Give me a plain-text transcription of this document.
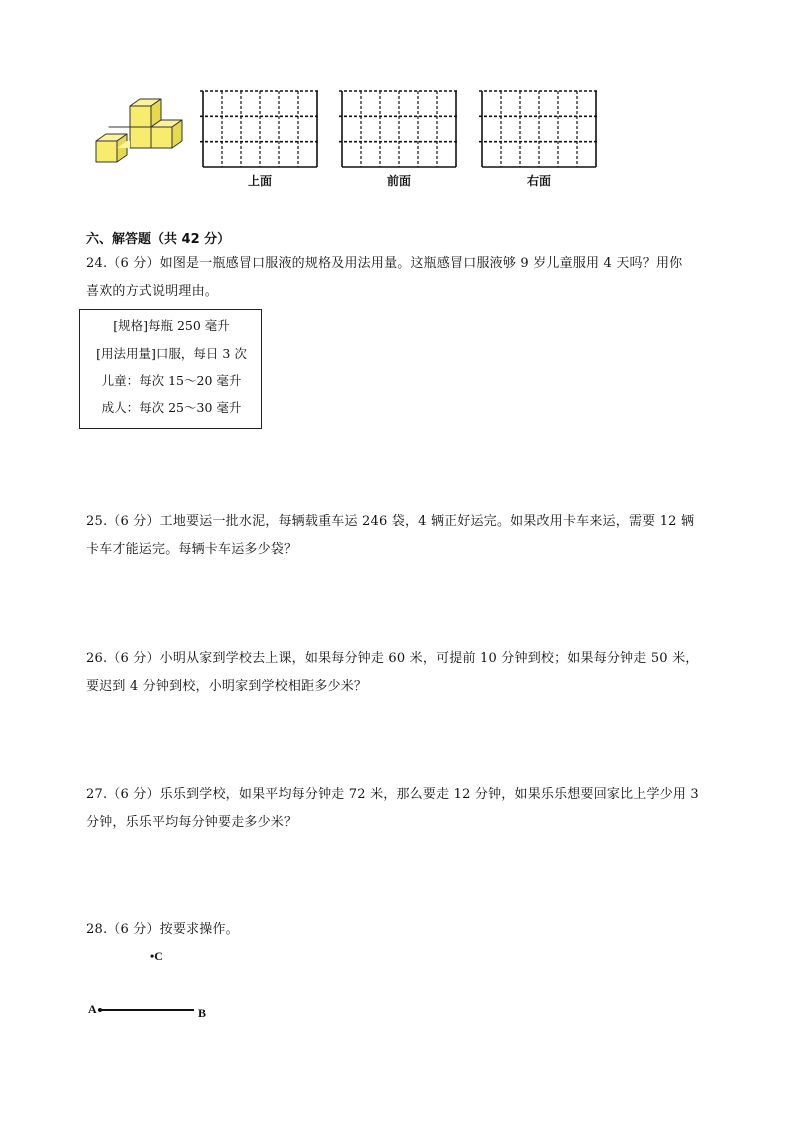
上面	前面	右面
六、解答题（共 42 分）
24.（6 分）如图是一瓶感冒口服液的规格及用法用量。这瓶感冒口服液够 9 岁儿童服用 4 天吗？用你
喜欢的方式说明理由。
[规格]每瓶 250 毫升
[用法用量]口服，每日 3 次
儿童：每次 15～20 毫升
成人：每次 25～30 毫升
25.（6 分）工地要运一批水泥，每辆载重车运 246 袋，4 辆正好运完。如果改用卡车来运，需要 12 辆
卡车才能运完。每辆卡车运多少袋？
26.（6 分）小明从家到学校去上课，如果每分钟走 60 米，可提前 10 分钟到校；如果每分钟走 50 米，
要迟到 4 分钟到校，小明家到学校相距多少米？
27.（6 分）乐乐到学校，如果平均每分钟走 72 米，那么要走 12 分钟，如果乐乐想要回家比上学少用 3
分钟，乐乐平均每分钟要走多少米？
28.（6 分）按要求操作。
•C
A	B
